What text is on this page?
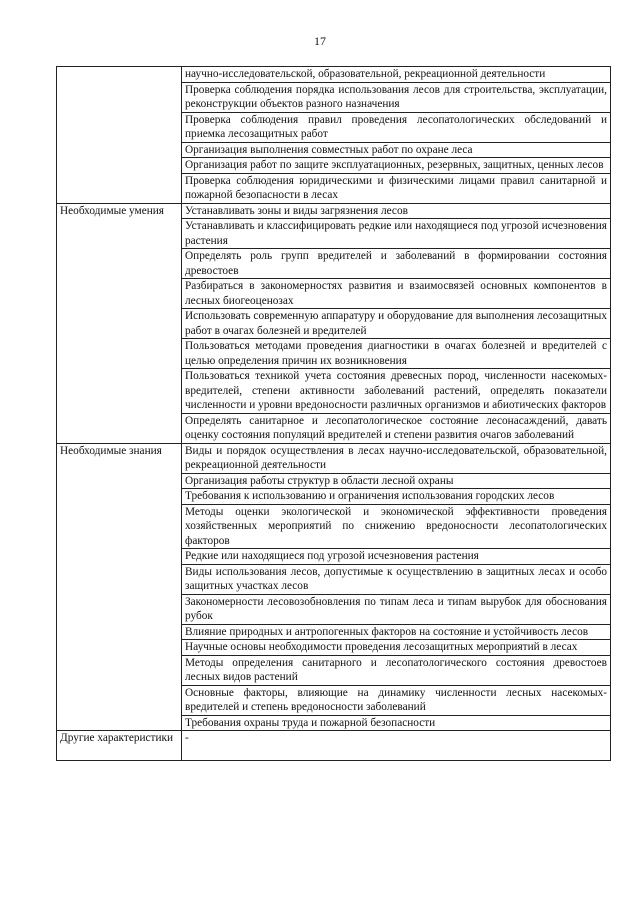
17
	научно-исследовательской, образовательной, рекреационной деятельности
	Проверка соблюдения порядка использования лесов для строительства, эксплуатации, реконструкции объектов разного назначения
	Проверка соблюдения правил проведения лесопатологических обследований и приемка лесозащитных работ
	Организация выполнения совместных работ по охране леса
	Организация работ по защите эксплуатационных, резервных, защитных, ценных лесов
	Проверка соблюдения юридическими и физическими лицами правил санитарной и пожарной безопасности в лесах
Необходимые умения	Устанавливать зоны и виды загрязнения лесов
	Устанавливать и классифицировать редкие или находящиеся под угрозой исчезновения растения
	Определять роль групп вредителей и заболеваний в формировании состояния древостоев
	Разбираться в закономерностях развития и взаимосвязей основных компонентов в лесных биогеоценозах
	Использовать современную аппаратуру и оборудование для выполнения лесозащитных работ в очагах болезней и вредителей
	Пользоваться методами проведения диагностики в очагах болезней и вредителей с целью определения причин их возникновения
	Пользоваться техникой учета состояния древесных пород, численности насекомых-вредителей, степени активности заболеваний растений, определять показатели численности и уровни вредоносности различных организмов и абиотических факторов
	Определять санитарное и лесопатологическое состояние лесонасаждений, давать оценку состояния популяций вредителей и степени развития очагов заболеваний
Необходимые знания	Виды и порядок осуществления в лесах научно-исследовательской, образовательной, рекреационной деятельности
	Организация работы структур в области лесной охраны
	Требования к использованию и ограничения использования городских лесов
	Методы оценки экологической и экономической эффективности проведения хозяйственных мероприятий по снижению вредоносности лесопатологических факторов
	Редкие или находящиеся под угрозой исчезновения растения
	Виды использования лесов, допустимые к осуществлению в защитных лесах и особо защитных участках лесов
	Закономерности лесовозобновления по типам леса и типам вырубок для обоснования рубок
	Влияние природных и антропогенных факторов на состояние и устойчивость лесов
	Научные основы необходимости проведения лесозащитных мероприятий в лесах
	Методы определения санитарного и лесопатологического состояния древостоев лесных видов растений
	Основные факторы, влияющие на динамику численности лесных насекомых-вредителей и степень вредоносности заболеваний
	Требования охраны труда и пожарной безопасности
Другие характеристики	-
